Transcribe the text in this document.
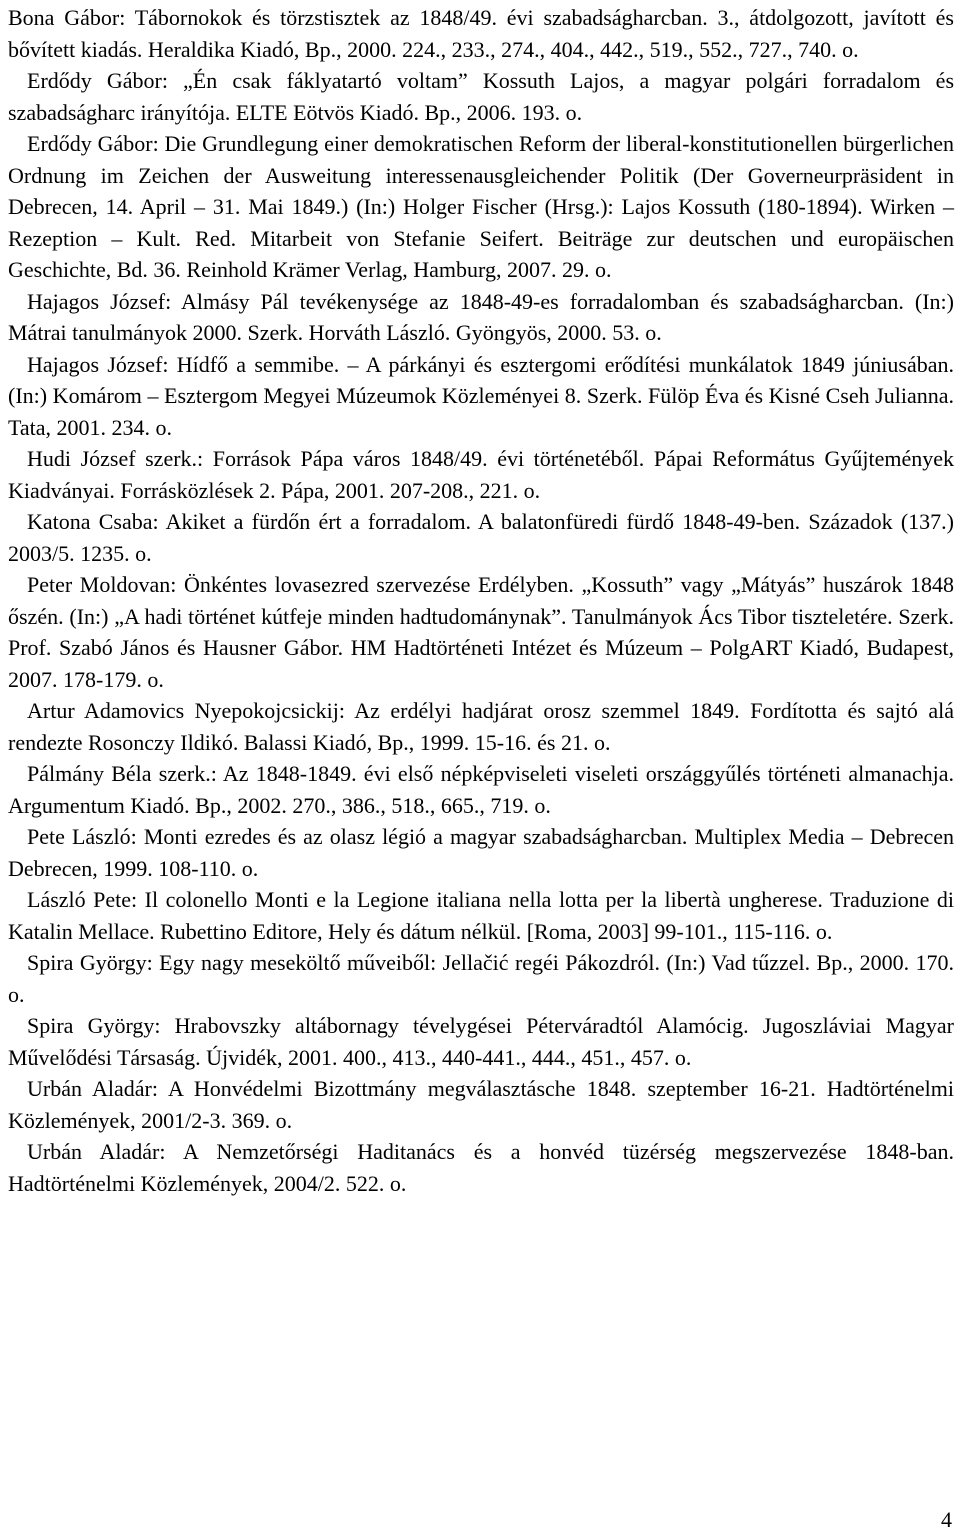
Bona Gábor: Tábornokok és törzstisztek az 1848/49. évi szabadságharcban. 3., átdolgozott, javított és bővített kiadás. Heraldika Kiadó, Bp., 2000. 224., 233., 274., 404., 442., 519., 552., 727., 740. o.

Erdődy Gábor: „Én csak fáklyatartó voltam” Kossuth Lajos, a magyar polgári forradalom és szabadságharc irányítója. ELTE Eötvös Kiadó. Bp., 2006. 193. o.

Erdődy Gábor: Die Grundlegung einer demokratischen Reform der liberal-konstitutionellen bürgerlichen Ordnung im Zeichen der Ausweitung interessenausgleichender Politik (Der Governeurpräsident in Debrecen, 14. April – 31. Mai 1849.) (In:) Holger Fischer (Hrsg.): Lajos Kossuth (180-1894). Wirken – Rezeption – Kult. Red. Mitarbeit von Stefanie Seifert. Beiträge zur deutschen und europäischen Geschichte, Bd. 36. Reinhold Krämer Verlag, Hamburg, 2007. 29. o.

Hajagos József: Almásy Pál tevékenysége az 1848-49-es forradalomban és szabadságharcban. (In:) Mátrai tanulmányok 2000. Szerk. Horváth László. Gyöngyös, 2000. 53. o.

Hajagos József: Hídfő a semmibe. – A párkányi és esztergomi erődítési munkálatok 1849 júniusában. (In:) Komárom – Esztergom Megyei Múzeumok Közleményei 8. Szerk. Fülöp Éva és Kisné Cseh Julianna. Tata, 2001. 234. o.

Hudi József szerk.: Források Pápa város 1848/49. évi történetéből. Pápai Református Gyűjtemények Kiadványai. Forrásközlések 2. Pápa, 2001. 207-208., 221. o.

Katona Csaba: Akiket a fürdőn ért a forradalom. A balatonfüredi fürdő 1848-49-ben. Századok (137.) 2003/5. 1235. o.

Peter Moldovan: Önkéntes lovasezred szervezése Erdélyben. „Kossuth” vagy „Mátyás” huszárok 1848 őszén. (In:) „A hadi történet kútfeje minden hadtudománynak”. Tanulmányok Ács Tibor tiszteletére. Szerk. Prof. Szabó János és Hausner Gábor. HM Hadtörténeti Intézet és Múzeum – PolgART Kiadó, Budapest, 2007. 178-179. o.

Artur Adamovics Nyepokojcsickij: Az erdélyi hadjárat orosz szemmel 1849. Fordította és sajtó alá rendezte Rosonczy Ildikó. Balassi Kiadó, Bp., 1999. 15-16. és 21. o.

Pálmány Béla szerk.: Az 1848-1849. évi első népképviseleti viseleti országgyűlés történeti almanachja. Argumentum Kiadó. Bp., 2002. 270., 386., 518., 665., 719. o.

Pete László: Monti ezredes és az olasz légió a magyar szabadságharcban. Multiplex Media – Debrecen Debrecen, 1999. 108-110. o.

László Pete: Il colonello Monti e la Legione italiana nella lotta per la libertà ungherese. Traduzione di Katalin Mellace. Rubettino Editore, Hely és dátum nélkül. [Roma, 2003] 99-101., 115-116. o.

Spira György: Egy nagy meseköltő műveiből: Jellačić regéi Pákozdról. (In:) Vad tűzzel. Bp., 2000. 170. o.

Spira György: Hrabovszky altábornagy tévelygései Péterváradtól Alamócig. Jugoszláviai Magyar Művelődési Társaság. Újvidék, 2001. 400., 413., 440-441., 444., 451., 457. o.

Urbán Aladár: A Honvédelmi Bizottmány megválasztásche 1848. szeptember 16-21. Hadtörténelmi Közlemények, 2001/2-3. 369. o.

Urbán Aladár: A Nemzetőrségi Haditanács és a honvéd tüzérség megszervezése 1848-ban. Hadtörténelmi Közlemények, 2004/2. 522. o.

4
